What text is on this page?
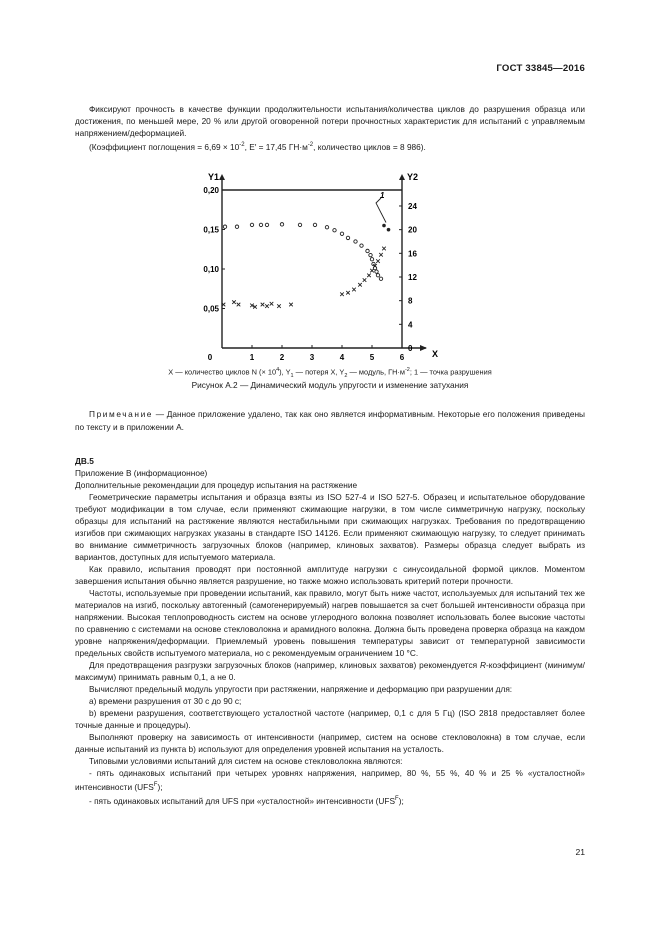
ГОСТ 33845—2016

Фиксируют прочность в качестве функции продолжительности испытания/количества циклов до разрушения образца или достижения, по меньшей мере, 20 % или другой оговоренной потери прочностных характеристик для испытаний с управляемым напряжением/деформацией.

(Коэффициент поглощения = $6,69 \times 10^{-2}$, E′ = 17,45 $ГН\cdot м^{-2}$, количество циклов = 8 986).

Y1	Y2
X
1
0	1	2	3	4	5	6
0,05
0,10
0,15
0,20
0
4
8
12
16
20
24
X — количество циклов N (× $10^4$), $Y_1$ — потеря X, $Y_2$ — модуль, $ГН\cdot м^{-2}$; 1 — точка разрушения
Рисунок А.2 — Динамический модуль упругости и изменение затухания
Примечание — Данное приложение удалено, так как оно является информативным. Некоторые его положения приведены по тексту и в приложении А.

ДВ.5

Приложение В (информационное)

Дополнительные рекомендации для процедур испытания на растяжение

Геометрические параметры испытания и образца взяты из ISO 527-4 и ISO 527-5. Образец и испытательное оборудование требуют модификации в том случае, если применяют сжимающие нагрузки, в том числе симметричную нагрузку, поскольку образцы для испытаний на растяжение являются нестабильными при сжимающих нагрузках. Требования по предотвращению изгибов при сжимающих нагрузках указаны в стандарте ISO 14126. Если применяют сжимающую нагрузку, то следует принимать во внимание симметричность загрузочных блоков (например, клиновых захватов). Размеры образца следует выбрать из вариантов, доступных для испытуемого материала.

Как правило, испытания проводят при постоянной амплитуде нагрузки с синусоидальной формой циклов. Моментом завершения испытания обычно является разрушение, но также можно использовать критерий потери прочности.

Частоты, используемые при проведении испытаний, как правило, могут быть ниже частот, используемых для испытаний тех же материалов на изгиб, поскольку автогенный (самогенерируемый) нагрев повышается за счет большей интенсивности образца при напряжении. Высокая теплопроводность систем на основе углеродного волокна позволяет использовать более высокие частоты по сравнению с системами на основе стекловолокна и арамидного волокна. Должна быть проведена проверка образца на каждом уровне напряжения/деформации. Приемлемый уровень повышения температуры зависит от температурной зависимости предельных свойств испытуемого материала, но с рекомендуемым ограничением 10 °C.

Для предотвращения разгрузки загрузочных блоков (например, клиновых захватов) рекомендуется R-коэффициент (минимум/максимум) принимать равным 0,1, а не 0.

Вычисляют предельный модуль упругости при растяжении, напряжение и деформацию при разрушении для:

a) времени разрушения от 30 с до 90 с;

b) времени разрушения, соответствующего усталостной частоте (например, 0,1 с для 5 Гц) (ISO 2818 предоставляет более точные данные и процедуры).

Выполняют проверку на зависимость от интенсивности (например, систем на основе стекловолокна) в том случае, если данные испытаний из пункта b) используют для определения уровней испытания на усталость.

Типовыми условиями испытаний для систем на основе стекловолокна являются:

- пять одинаковых испытаний при четырех уровнях напряжения, например, 80 %, 55 %, 40 % и 25 % «усталостной» интенсивности $(UFS^F)$;

- пять одинаковых испытаний для UFS при «усталостной» интенсивности $(UFS^F)$;

21
